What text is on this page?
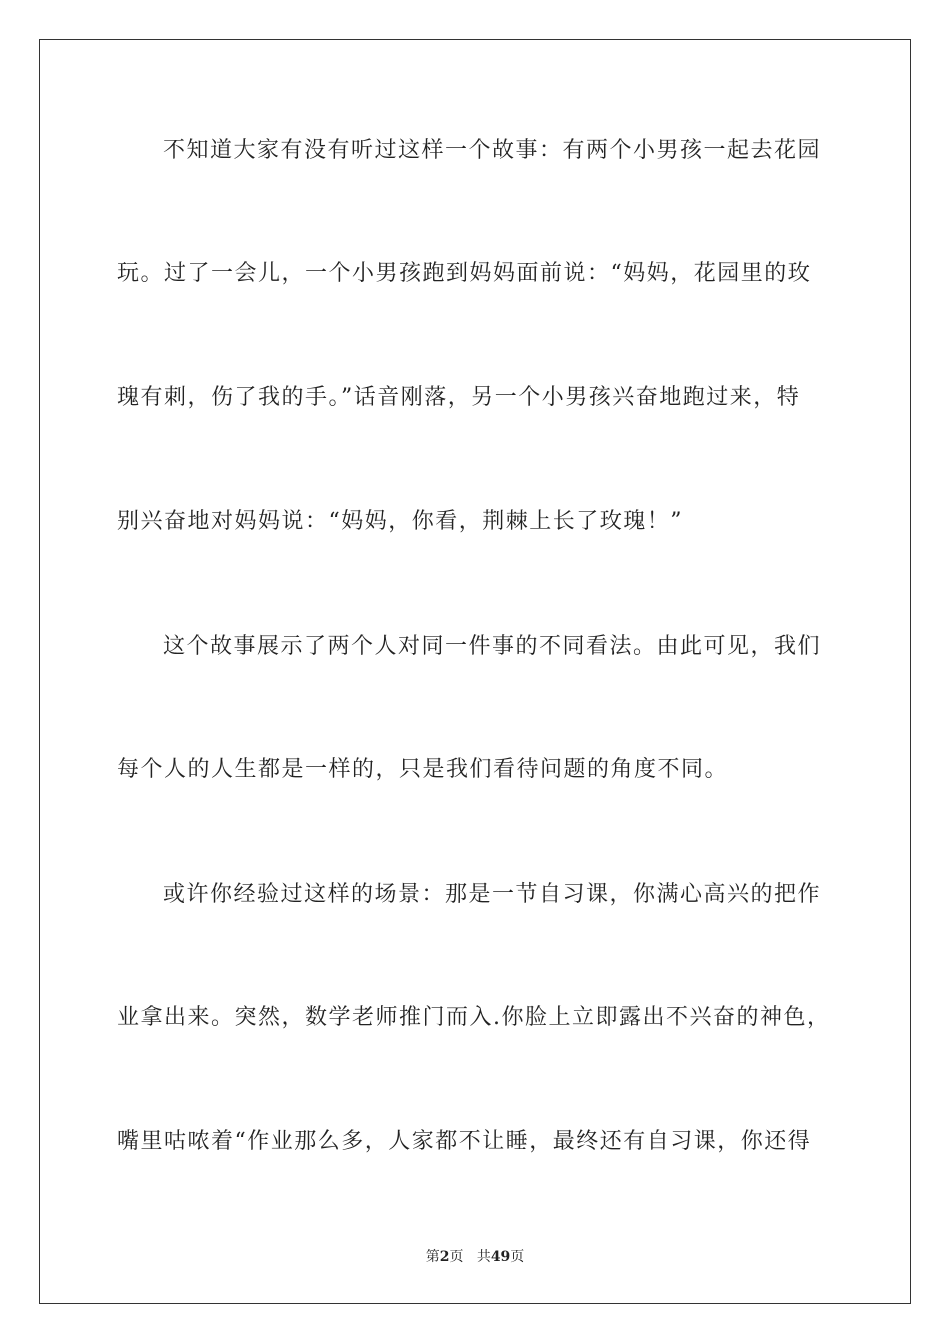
不知道大家有没有听过这样一个故事：有两个小男孩一起去花园
玩。过了一会儿，一个小男孩跑到妈妈面前说：“妈妈，花园里的玫
瑰有刺，伤了我的手。”话音刚落，另一个小男孩兴奋地跑过来，特
别兴奋地对妈妈说：“妈妈，你看，荆棘上长了玫瑰！”
这个故事展示了两个人对同一件事的不同看法。由此可见，我们
每个人的人生都是一样的，只是我们看待问题的角度不同。
或许你经验过这样的场景：那是一节自习课，你满心高兴的把作
业拿出来。突然，数学老师推门而入.你脸上立即露出不兴奋的神色，
嘴里咕哝着“作业那么多，人家都不让睡，最终还有自习课，你还得
第2页 共49页
